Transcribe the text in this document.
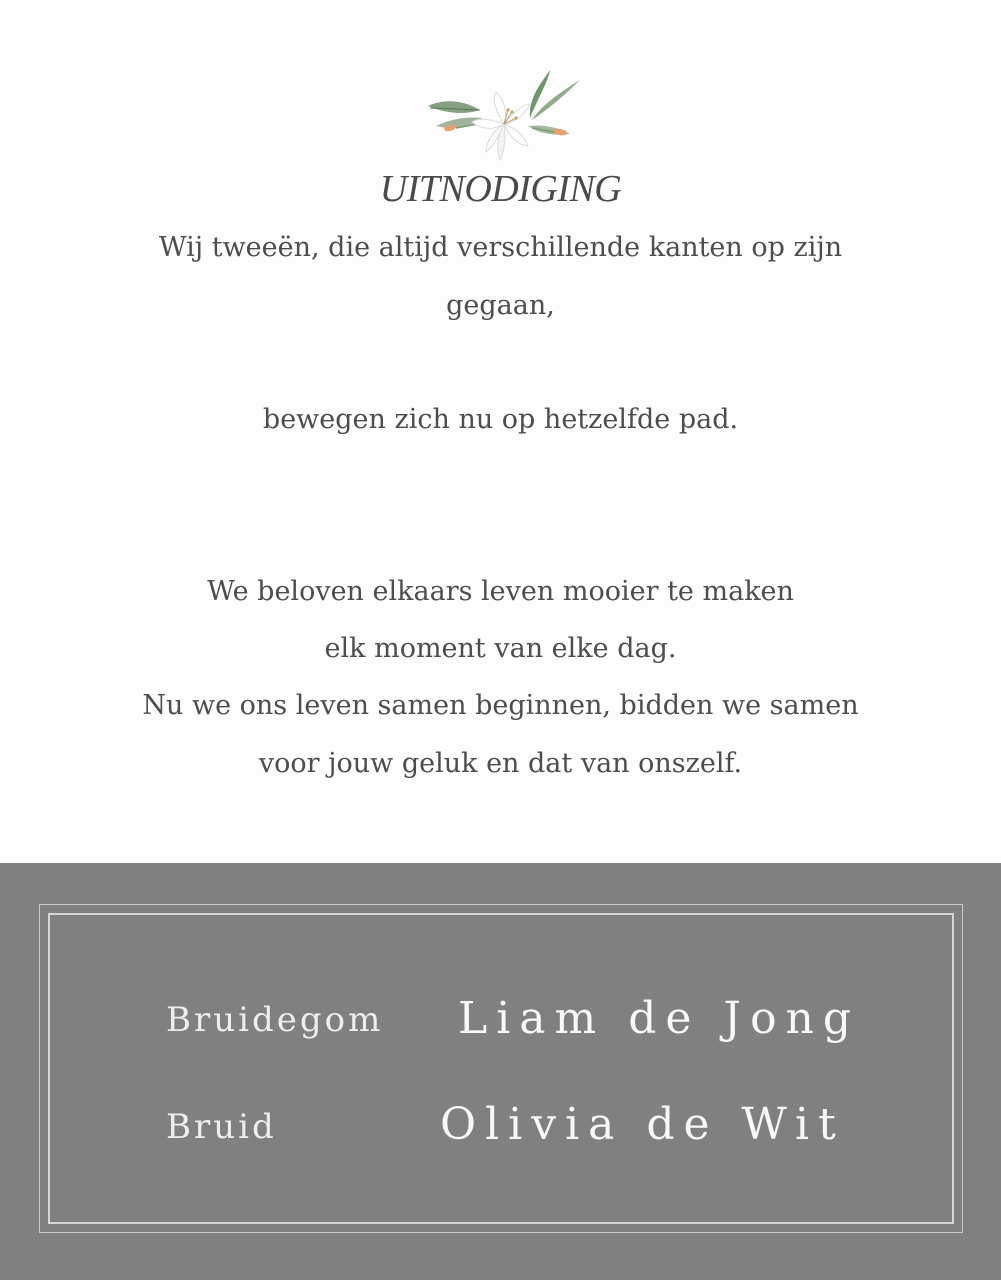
UITNODIGING
Wij tweeën, die altijd verschillende kanten op zijn
gegaan,
bewegen zich nu op hetzelfde pad.
We beloven elkaars leven mooier te maken
elk moment van elke dag.
Nu we ons leven samen beginnen, bidden we samen
voor jouw geluk en dat van onszelf.
Bruidegom Liam de Jong
Bruid	Olivia de Wit
